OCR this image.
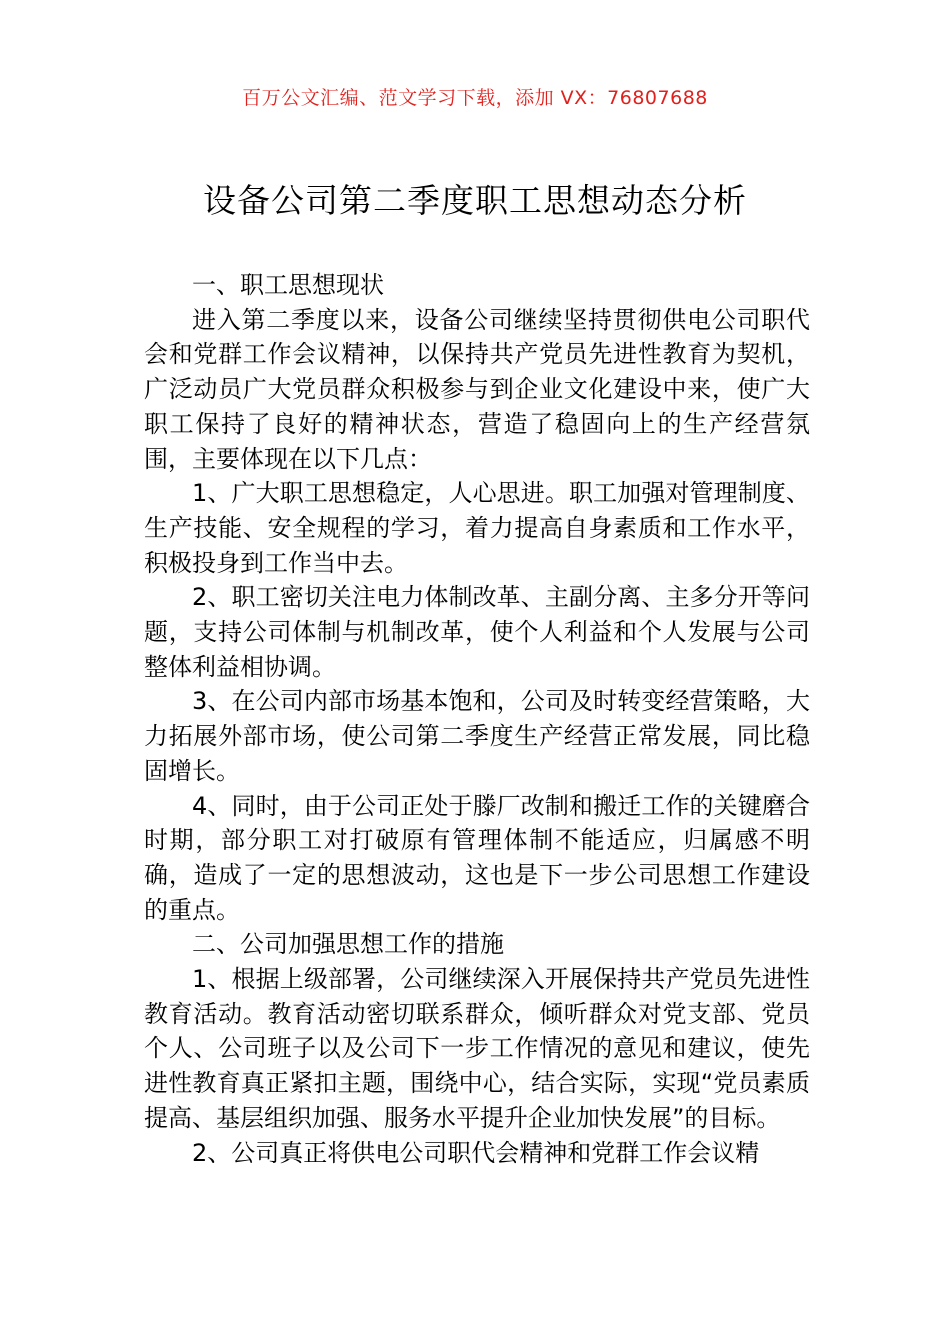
百万公文汇编、范文学习下载，添加 VX：76807688
设备公司第二季度职工思想动态分析

一、职工思想现状

进入第二季度以来，设备公司继续坚持贯彻供电公司职代会和党群工作会议精神，以保持共产党员先进性教育为契机，广泛动员广大党员群众积极参与到企业文化建设中来，使广大职工保持了良好的精神状态，营造了稳固向上的生产经营氛围，主要体现在以下几点：

1、广大职工思想稳定，人心思进。职工加强对管理制度、生产技能、安全规程的学习，着力提高自身素质和工作水平，积极投身到工作当中去。

2、职工密切关注电力体制改革、主副分离、主多分开等问题，支持公司体制与机制改革，使个人利益和个人发展与公司整体利益相协调。

3、在公司内部市场基本饱和，公司及时转变经营策略，大力拓展外部市场，使公司第二季度生产经营正常发展，同比稳固增长。

4、同时，由于公司正处于滕厂改制和搬迁工作的关键磨合时期，部分职工对打破原有管理体制不能适应，归属感不明确，造成了一定的思想波动，这也是下一步公司思想工作建设的重点。

二、公司加强思想工作的措施

1、根据上级部署，公司继续深入开展保持共产党员先进性教育活动。教育活动密切联系群众，倾听群众对党支部、党员个人、公司班子以及公司下一步工作情况的意见和建议，使先进性教育真正紧扣主题，围绕中心，结合实际，实现“党员素质提高、基层组织加强、服务水平提升企业加快发展”的目标。

2、公司真正将供电公司职代会精神和党群工作会议精
